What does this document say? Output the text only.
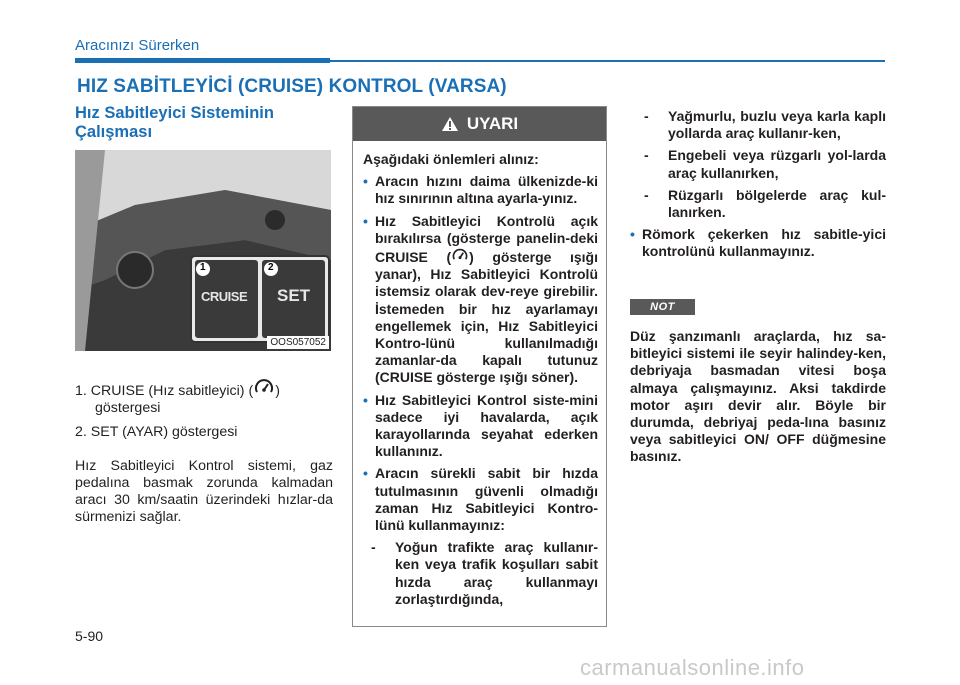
Aracınızı Sürerken
HIZ SABİTLEYİCİ (CRUISE) KONTROL (VARSA)
Hız Sabitleyici Sisteminin Çalışması
1	2
CRUISE SET
OOS057052
1. CRUISE (Hız sabitleyici) ( )
göstergesi
2. SET (AYAR) göstergesi
Hız Sabitleyici Kontrol sistemi, gaz pedalına basmak zorunda kalmadan aracı 30 km/saatin üzerindeki hızlar-da sürmenizi sağlar.
UYARI

Aşağıdaki önlemleri alınız:

• Aracın hızını daima ülkenizde-ki hız sınırının altına ayarla-yınız.
• Hız Sabitleyici Kontrolü açık bırakılırsa (gösterge panelin-deki CRUISE ( ) gösterge ışığı yanar), Hız Sabitleyici Kontrolü istemsiz olarak dev-reye girebilir. İstemeden bir hız ayarlamayı engellemek için, Hız Sabitleyici Kontro-lünü kullanılmadığı zamanlar-da kapalı tutunuz (CRUISE gösterge ışığı söner).
• Hız Sabitleyici Kontrol siste-mini sadece iyi havalarda, açık karayollarında seyahat ederken kullanınız.
• Aracın sürekli sabit bir hızda tutulmasının güvenli olmadığı zaman Hız Sabitleyici Kontro-lünü kullanmayınız:
- Yoğun trafikte araç kullanır-ken veya trafik koşulları sabit hızda araç kullanmayı zorlaştırdığında,
- Yağmurlu, buzlu veya karla kaplı yollarda araç kullanır-ken,
- Engebeli veya rüzgarlı yol-larda araç kullanırken,
- Rüzgarlı bölgelerde araç kul-lanırken.
• Römork çekerken hız sabitle-yici kontrolünü kullanmayınız.
NOT
Düz şanzımanlı araçlarda, hız sa-bitleyici sistemi ile seyir halindey-ken, debriyaja basmadan vitesi boşa almaya çalışmayınız. Aksi takdirde motor aşırı devir alır. Böyle bir durumda, debriyaj peda-lına basınız veya sabitleyici ON/ OFF düğmesine basınız.
5-90
carmanualsonline.info
